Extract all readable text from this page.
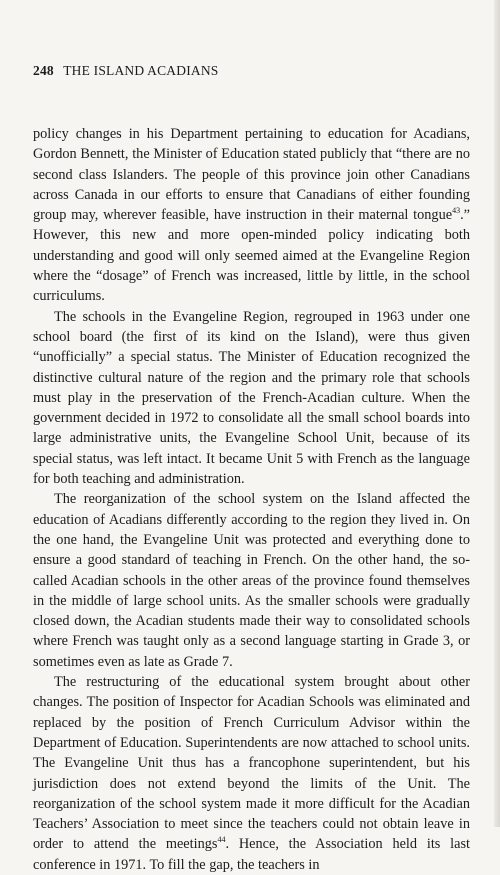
248 THE ISLAND ACADIANS

policy changes in his Department pertaining to education for Acadians, Gordon Bennett, the Minister of Education stated publicly that “there are no second class Islanders. The people of this province join other Canadians across Canada in our efforts to ensure that Canadians of either founding group may, wherever feasible, have instruction in their maternal tongue$^{43}$.” However, this new and more open-minded policy indicating both understanding and good will only seemed aimed at the Evangeline Region where the “dosage” of French was increased, little by little, in the school curriculums.

The schools in the Evangeline Region, regrouped in 1963 under one school board (the first of its kind on the Island), were thus given “unofficially” a special status. The Minister of Education recognized the distinctive cultural nature of the region and the primary role that schools must play in the preservation of the French-Acadian culture. When the government decided in 1972 to consolidate all the small school boards into large administrative units, the Evangeline School Unit, because of its special status, was left intact. It became Unit 5 with French as the language for both teaching and administration.

The reorganization of the school system on the Island affected the education of Acadians differently according to the region they lived in. On the one hand, the Evangeline Unit was protected and everything done to ensure a good standard of teaching in French. On the other hand, the so-called Acadian schools in the other areas of the province found themselves in the middle of large school units. As the smaller schools were gradually closed down, the Acadian students made their way to consolidated schools where French was taught only as a second language starting in Grade 3, or sometimes even as late as Grade 7.

The restructuring of the educational system brought about other changes. The position of Inspector for Acadian Schools was eliminated and replaced by the position of French Curriculum Advisor within the Department of Education. Superintendents are now attached to school units. The Evangeline Unit thus has a francophone superintendent, but his jurisdiction does not extend beyond the limits of the Unit. The reorganization of the school system made it more difficult for the Acadian Teachers’ Association to meet since the teachers could not obtain leave in order to attend the meetings$^{44}$. Hence, the Association held its last conference in 1971. To fill the gap, the teachers in
